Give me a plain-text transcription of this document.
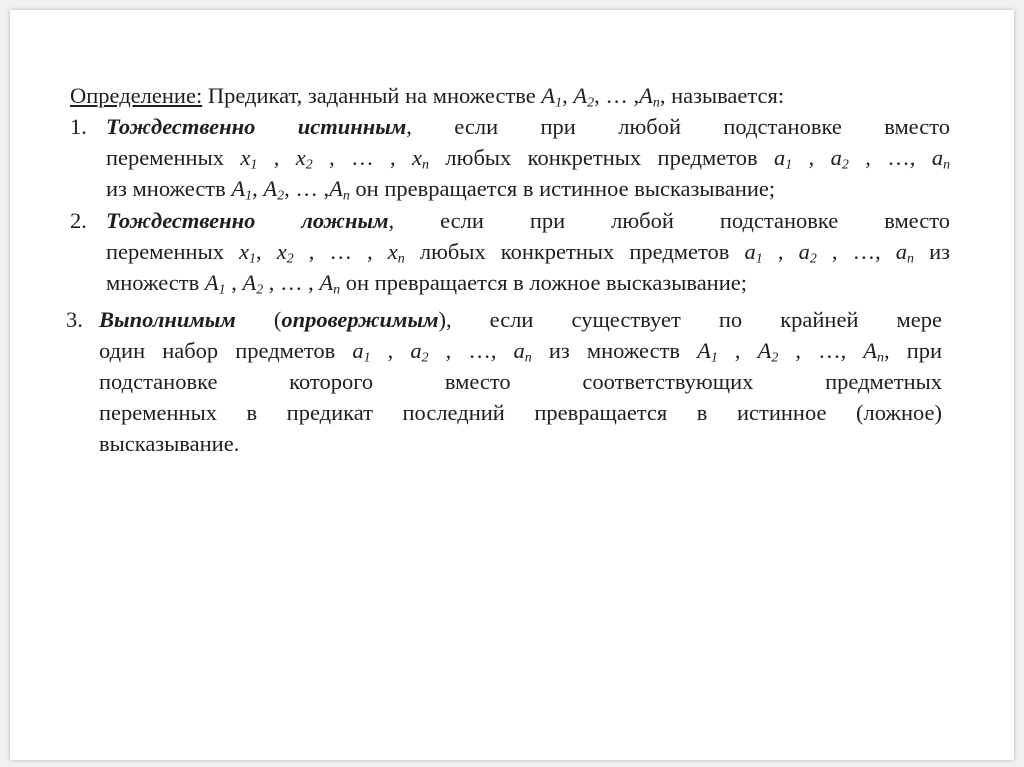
Определение: Предикат, заданный на множестве $A_1$, $A_2$, … $,A_n$, называется:
1. Тождественно истинным, если при любой подстановке вместо
переменных $x_1$ , $x_2$ , … , $x_n$ любых конкретных предметов $a_1$ , $a_2$ , …, $a_n$
из множеств $A_1$, $A_2$, … $,A_n$ он превращается в истинное высказывание;
2. Тождественно ложным, если при любой подстановке вместо
переменных $x_1$, $x_2$ , … , $x_n$ любых конкретных предметов $a_1$ , $a_2$ , …, $a_n$ из
множеств $A_1$ , $A_2$ , … , $A_n$ он превращается в ложное высказывание;
3. Выполнимым (опровержимым), если существует по крайней мере
один набор предметов $a_1$ , $a_2$ , …, $a_n$ из множеств $A_1$ , $A_2$ , …, $A_n$, при
подстановке которого вместо соответствующих предметных
переменных в предикат последний превращается в истинное (ложное)
высказывание.
